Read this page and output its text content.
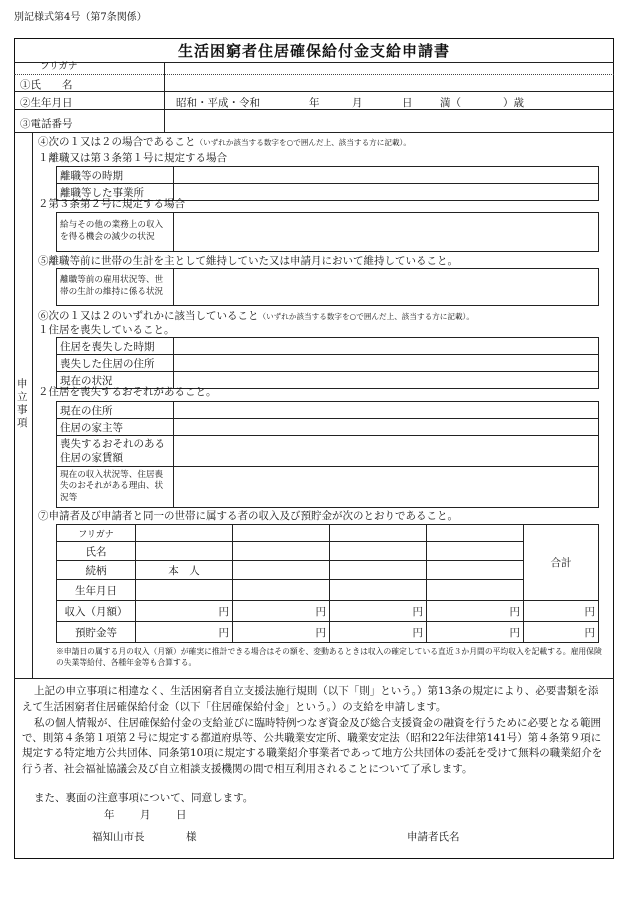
別記様式第4号（第7条関係）
生活困窮者住居確保給付金支給申請書
フリガナ
①氏　　名
②生年月日	昭和・平成・令和	年	月	日	満（	）歳
③電話番号
申立事項
④次の１又は２の場合であること（いずれか該当する数字を○で囲んだ上、該当する方に記載）。
１離職又は第３条第１号に規定する場合
離職等の時期	
離職等した事業所	
２第３条第２号に規定する場合
給与その他の業務上の収入を得る機会の減少の状況	
⑤離職等前に世帯の生計を主として維持していた又は申請月において維持していること。
離職等前の雇用状況等、世帯の生計の維持に係る状況	
⑥次の１又は２のいずれかに該当していること（いずれか該当する数字を○で囲んだ上、該当する方に記載）。
１住居を喪失していること。
住居を喪失した時期	
喪失した住居の住所	
現在の状況	
２住居を喪失するおそれがあること。
現在の住所	
住居の家主等	
喪失するおそれのある住居の家賃額	
現在の収入状況等、住居喪失のおそれがある理由、状況等	
⑦申請者及び申請者と同一の世帯に属する者の収入及び預貯金が次のとおりであること。
フリガナ					合計
氏名					
続柄	本　人				
生年月日					
収入（月額）	円	円	円	円	円
預貯金等	円	円	円	円	円
※申請日の属する月の収入（月額）が確実に推計できる場合はその額を、変動あるときは収入の確定している直近３か月間の平均収入を記載する。雇用保険の失業等給付、各種年金等も合算する。
上記の申立事項に相違なく、生活困窮者自立支援法施行規則（以下「則」という。）第13条の規定により、必要書類を添えて生活困窮者住居確保給付金（以下「住居確保給付金」という。）の支給を申請します。
私の個人情報が、住居確保給付金の支給並びに臨時特例つなぎ資金及び総合支援資金の融資を行うために必要となる範囲で、則第４条第１項第２号に規定する都道府県等、公共職業安定所、職業安定法（昭和22年法律第141号）第４条第９項に規定する特定地方公共団体、同条第10項に規定する職業紹介事業者であって地方公共団体の委託を受けて無料の職業紹介を行う者、社会福祉協議会及び自立相談支援機関の間で相互利用されることについて了承します。
また、裏面の注意事項について、同意します。
年 月 日
福知山市長	様	申請者氏名
